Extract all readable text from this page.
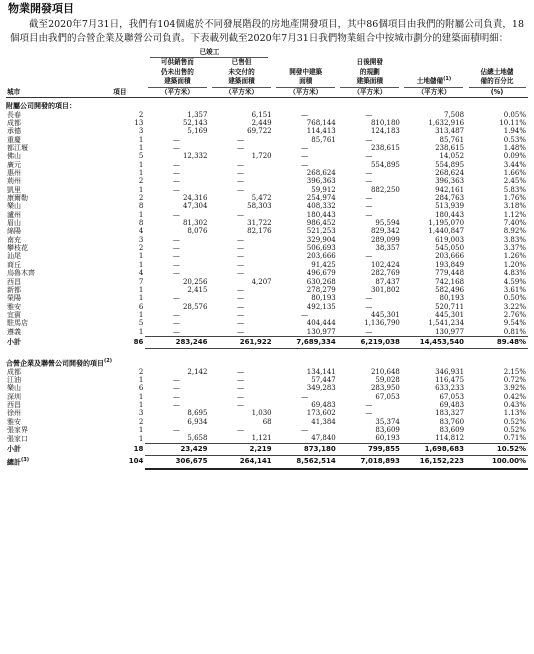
物業開發項目

截至2020年7月31日，我們有104個處於不同發展階段的房地產開發項目，其中86個項目由我們的附屬公司負責，18個項目由我們的合營企業及聯營公司負責。下表載列截至2020年7月31日我們物業組合中按城市劃分的建築面積明細：

		已竣工	

城市	項目	可供銷售而
仍未出售的
建築面積

（平方米）	已售但
未交付的
建築面積

（平方米）	開發中建築
面積

（平方米）	日後開發
的規劃
建築面積

（平方米）	土地儲備$^{(1)}$

（平方米）	佔總土地儲
備的百分比

(%)

附屬公司開發的項目：							
長春	2	1,357	6,151	—	—	7,508	0.05%
成都	13	52,143	2,449	768,144	810,180	1,632,916	10.11%
承德	3	5,169	69,722	114,413	124,183	313,487	1.94%
重慶	1	—	—	85,761	—	85,761	0.53%
都江堰	1	—	—	—	238,615	238,615	1.48%
佛山	5	12,332	1,720	—	—	14,052	0.09%
廣元	1	—	—	—	554,895	554,895	3.44%
惠州	1	—	—	268,624	—	268,624	1.66%
荊州	2	—	—	396,363	—	396,363	2.45%
凱里	1	—	—	59,912	882,250	942,161	5.83%
康爾勒	2	24,316	5,472	254,974	—	284,763	1.76%
樂山	8	47,304	58,303	408,332	—	513,939	3.18%
瀘州	1	—	—	180,443	—	180,443	1.12%
眉山	8	81,302	31,722	986,452	95,594	1,195,070	7.40%
綿陽	4	8,076	82,176	521,253	829,342	1,440,847	8.92%
南充	3	—	—	329,904	289,099	619,003	3.83%
攀枝花	2	—	—	506,693	38,357	545,050	3.37%
汕尾	1	—	—	203,666	—	203,666	1.26%
商丘	1	—	—	91,425	102,424	193,849	1.20%
烏魯木齊	4	—	—	496,679	282,769	779,448	4.83%
西昌	7	20,256	4,207	630,268	87,437	742,168	4.59%
新都	1	2,415	—	278,279	301,802	582,496	3.61%
榮陽	1	—	—	80,193	—	80,193	0.50%
雅安	6	28,576	—	492,135	—	520,711	3.22%
宜賓	1	—	—	—	445,301	445,301	2.76%
駐馬店	5	—	—	404,444	1,136,790	1,541,234	9.54%
遵義	1	—	—	130,977	—	130,977	0.81%
小計	86	283,246	261,922	7,689,334	6,219,038	14,453,540	89.48%

合營企業及聯營公司開發的項目$^{(2)}$
成都	2	2,142	—	134,141	210,648	346,931	2.15%
江油	1	—	—	57,447	59,028	116,475	0.72%
樂山	6	—	—	349,283	283,950	633,233	3.92%
深圳	1	—	—	—	67,053	67,053	0.42%
西昌	1	—	—	69,483	—	69,483	0.43%
徐州	3	8,695	1,030	173,602	—	183,327	1.13%
雅安	2	6,934	68	41,384	35,374	83,760	0.52%
張家界	1	—	—	—	83,609	83,609	0.52%
張家口	1	5,658	1,121	47,840	60,193	114,812	0.71%
小計	18	23,429	2,219	873,180	799,855	1,698,683	10.52%
總計$^{(3)}$	104	306,675	264,141	8,562,514	7,018,893	16,152,223	100.00%
